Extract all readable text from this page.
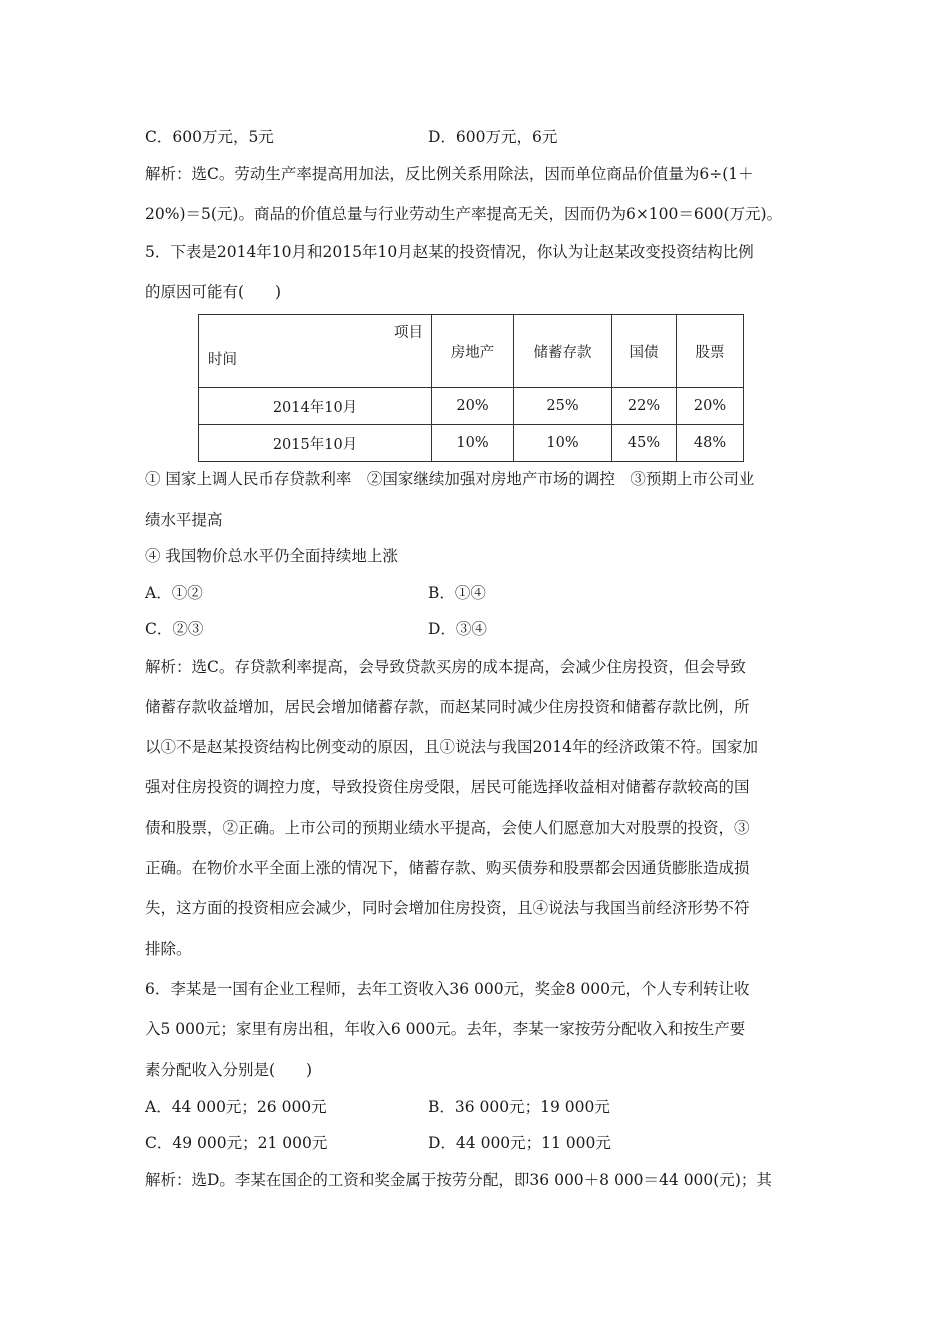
C．600万元，5元	D．600万元，6元
解析：选C。劳动生产率提高用加法，反比例关系用除法，因而单位商品价值量为6÷(1＋
20%)＝5(元)。商品的价值总量与行业劳动生产率提高无关，因而仍为6×100＝600(万元)。
5．下表是2014年10月和2015年10月赵某的投资情况，你认为让赵某改变投资结构比例
的原因可能有(　　)
项目
时间	房地产	储蓄存款	国债	股票
2014年10月	20%	25%	22%	20%
2015年10月	10%	10%	45%	48%
① 国家上调人民币存贷款利率　②国家继续加强对房地产市场的调控　③预期上市公司业
绩水平提高
④ 我国物价总水平仍全面持续地上涨
A．①②	B．①④
C．②③	D．③④
解析：选C。存贷款利率提高，会导致贷款买房的成本提高，会减少住房投资，但会导致
储蓄存款收益增加，居民会增加储蓄存款，而赵某同时减少住房投资和储蓄存款比例，所
以①不是赵某投资结构比例变动的原因，且①说法与我国2014年的经济政策不符。国家加
强对住房投资的调控力度，导致投资住房受限，居民可能选择收益相对储蓄存款较高的国
债和股票，②正确。上市公司的预期业绩水平提高，会使人们愿意加大对股票的投资，③
正确。在物价水平全面上涨的情况下，储蓄存款、购买债券和股票都会因通货膨胀造成损
失，这方面的投资相应会减少，同时会增加住房投资，且④说法与我国当前经济形势不符
排除。
6．李某是一国有企业工程师，去年工资收入36 000元，奖金8 000元，个人专利转让收
入5 000元；家里有房出租，年收入6 000元。去年，李某一家按劳分配收入和按生产要
素分配收入分别是(　　)
A．44 000元；26 000元	B．36 000元；19 000元
C．49 000元；21 000元	D．44 000元；11 000元
解析：选D。李某在国企的工资和奖金属于按劳分配，即36 000＋8 000＝44 000(元)；其
